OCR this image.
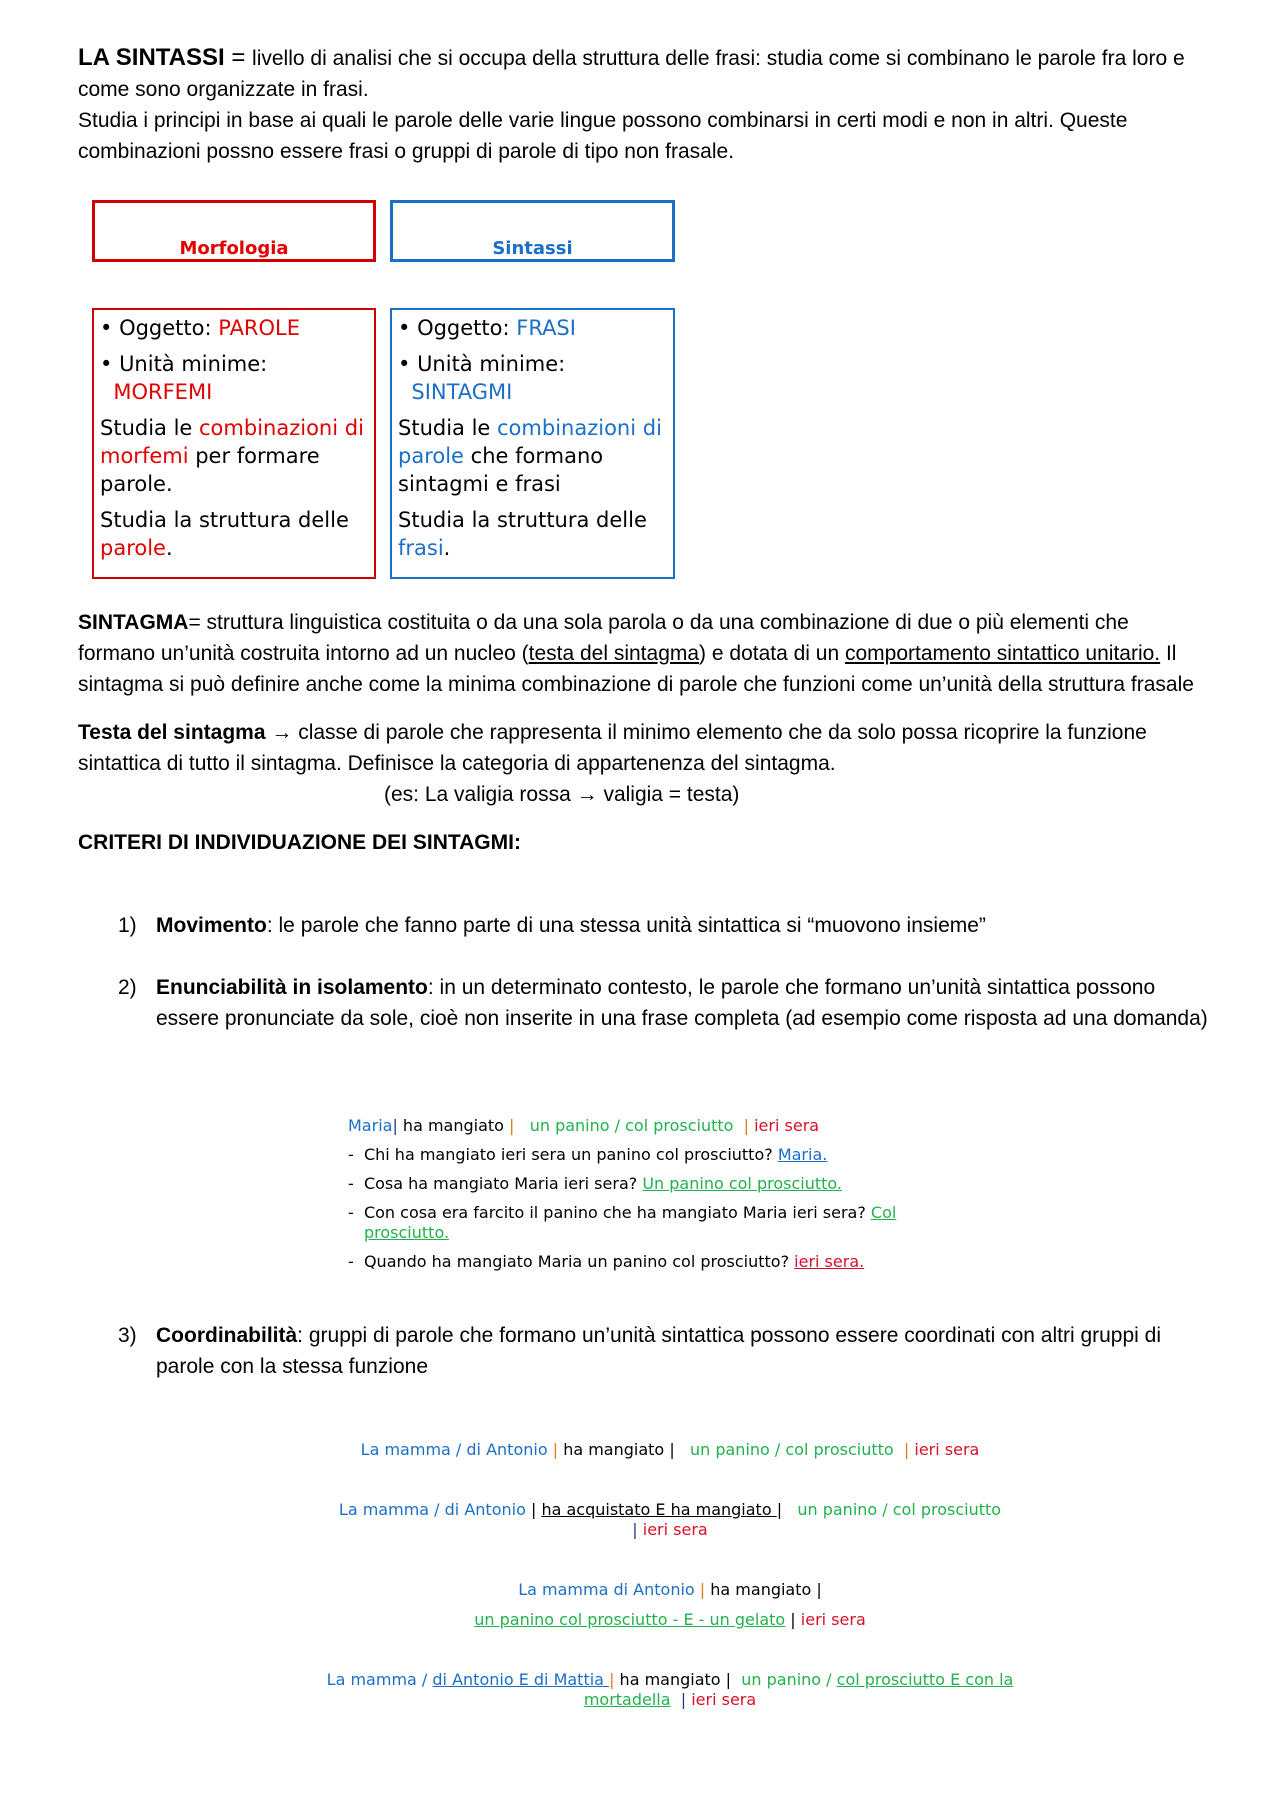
LA SINTASSI = livello di analisi che si occupa della struttura delle frasi: studia come si combinano le parole fra loro e come sono organizzate in frasi.

Studia i principi in base ai quali le parole delle varie lingue possono combinarsi in certi modi e non in altri. Queste combinazioni possno essere frasi o gruppi di parole di tipo non frasale.

Morfologia	Sintassi

• Oggetto: PAROLE

• Unità minime:
MORFEMI

Studia le combinazioni di morfemi per formare parole.

Studia la struttura delle parole.

• Oggetto: FRASI

• Unità minime:
SINTAGMI

Studia le combinazioni di parole che formano sintagmi e frasi

Studia la struttura delle frasi.

SINTAGMA= struttura linguistica costituita o da una sola parola o da una combinazione di due o più elementi che formano un’unità costruita intorno ad un nucleo (testa del sintagma) e dotata di un comportamento sintattico unitario. Il sintagma si può definire anche come la minima combinazione di parole che funzioni come un’unità della struttura frasale

Testa del sintagma → classe di parole che rappresenta il minimo elemento che da solo possa ricoprire la funzione sintattica di tutto il sintagma. Definisce la categoria di appartenenza del sintagma.

(es: La valigia rossa → valigia = testa)

CRITERI DI INDIVIDUAZIONE DEI SINTAGMI:

1) Movimento: le parole che fanno parte di una stessa unità sintattica si “muovono insieme”

2) Enunciabilità in isolamento: in un determinato contesto, le parole che formano un’unità sintattica possono essere pronunciate da sole, cioè non inserite in una frase completa (ad esempio come risposta ad una domanda)

Maria| ha mangiato | un panino / col prosciutto | ieri sera

-  Chi ha mangiato ieri sera un panino col prosciutto? Maria.

-  Cosa ha mangiato Maria ieri sera? Un panino col prosciutto.

-  Con cosa era farcito il panino che ha mangiato Maria ieri sera? Col prosciutto.

-  Quando ha mangiato Maria un panino col prosciutto? ieri sera.

3) Coordinabilità: gruppi di parole che formano un’unità sintattica possono essere coordinati con altri gruppi di parole con la stessa funzione

La mamma / di Antonio | ha mangiato | un panino / col prosciutto | ieri sera

La mamma / di Antonio | ha acquistato E ha mangiato | un panino / col prosciutto
| ieri sera

La mamma di Antonio | ha mangiato |

un panino col prosciutto - E - un gelato | ieri sera

La mamma / di Antonio E di Mattia | ha mangiato | un panino / col prosciutto E con la mortadella | ieri sera
